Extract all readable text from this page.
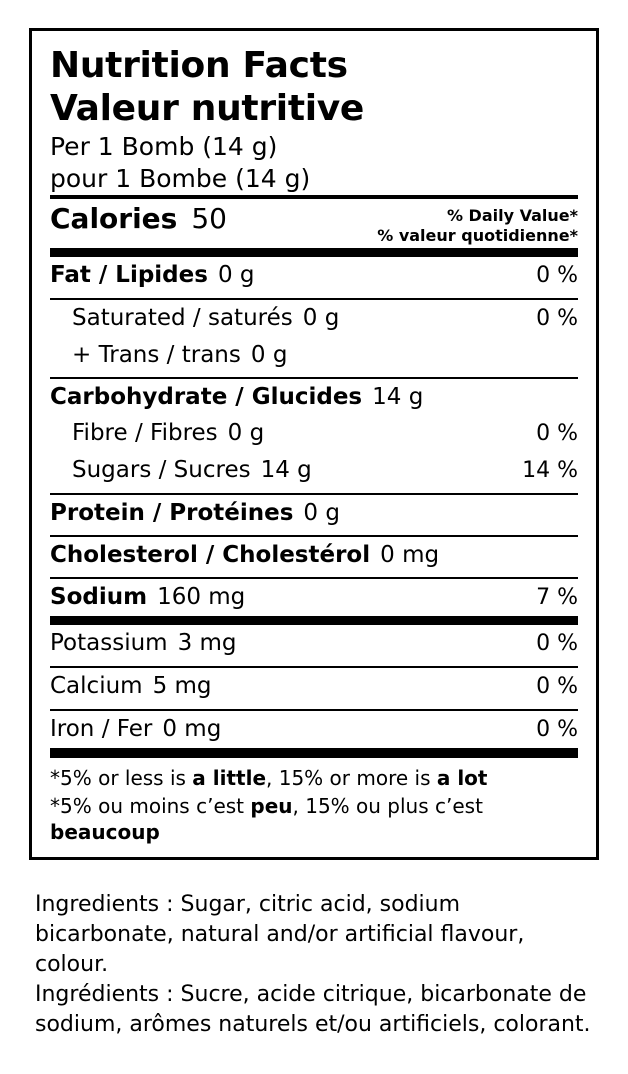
Nutrition Facts
Valeur nutritive
Per 1 Bomb (14 g)
pour 1 Bombe (14 g)
Calories 50	% Daily Value*
% valeur quotidienne*
Fat / Lipides 0 g	0 %
Saturated / saturés 0 g	0 %
+ Trans / trans 0 g
Carbohydrate / Glucides 14 g
Fibre / Fibres 0 g	0 %
Sugars / Sucres 14 g	14 %
Protein / Protéines 0 g
Cholesterol / Cholestérol 0 mg
Sodium 160 mg	7 %
Potassium 3 mg	0 %
Calcium 5 mg	0 %
Iron / Fer 0 mg	0 %
*5% or less is a little, 15% or more is a lot
*5% ou moins c’est peu, 15% ou plus c’est beaucoup
Ingredients : Sugar, citric acid, sodium bicarbonate, natural and/or artificial flavour, colour.
Ingrédients : Sucre, acide citrique, bicarbonate de sodium, arômes naturels et/ou artificiels, colorant.
